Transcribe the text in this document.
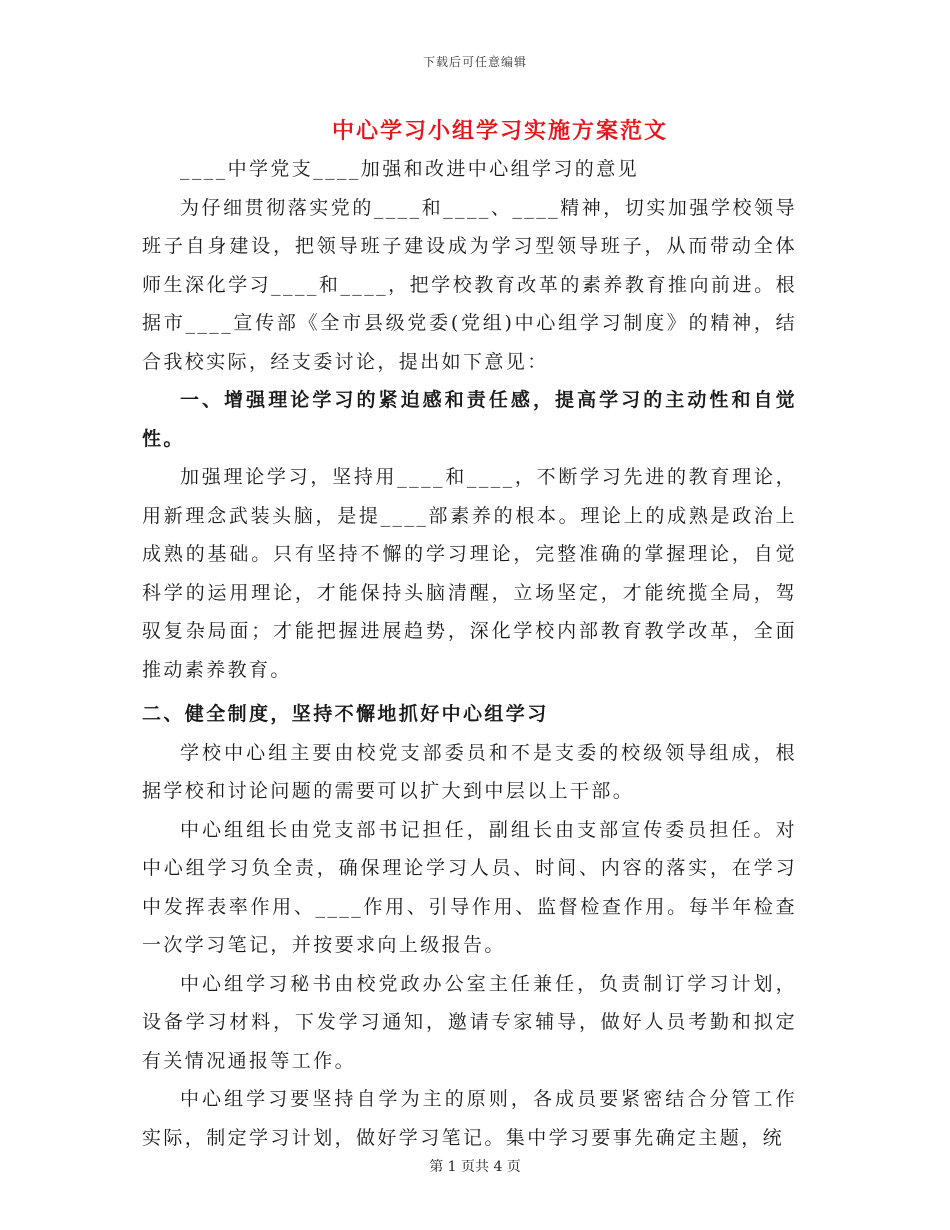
下载后可任意编辑
中心学习小组学习实施方案范文

____中学党支____加强和改进中心组学习的意见

为仔细贯彻落实党的____和____、____精神，切实加强学校领导班子自身建设，把领导班子建设成为学习型领导班子，从而带动全体师生深化学习____和____，把学校教育改革的素养教育推向前进。根据市____宣传部《全市县级党委(党组)中心组学习制度》的精神，结合我校实际，经支委讨论，提出如下意见：

一、增强理论学习的紧迫感和责任感，提高学习的主动性和自觉性。

加强理论学习，坚持用____和____，不断学习先进的教育理论，用新理念武装头脑，是提____部素养的根本。理论上的成熟是政治上成熟的基础。只有坚持不懈的学习理论，完整准确的掌握理论，自觉科学的运用理论，才能保持头脑清醒，立场坚定，才能统揽全局，驾驭复杂局面；才能把握进展趋势，深化学校内部教育教学改革，全面推动素养教育。

二、健全制度，坚持不懈地抓好中心组学习

学校中心组主要由校党支部委员和不是支委的校级领导组成，根据学校和讨论问题的需要可以扩大到中层以上干部。

中心组组长由党支部书记担任，副组长由支部宣传委员担任。对中心组学习负全责，确保理论学习人员、时间、内容的落实，在学习中发挥表率作用、____作用、引导作用、监督检查作用。每半年检查一次学习笔记，并按要求向上级报告。

中心组学习秘书由校党政办公室主任兼任，负责制订学习计划，设备学习材料，下发学习通知，邀请专家辅导，做好人员考勤和拟定有关情况通报等工作。

中心组学习要坚持自学为主的原则，各成员要紧密结合分管工作实际，制定学习计划，做好学习笔记。集中学习要事先确定主题，统

第 1 页共 4 页
